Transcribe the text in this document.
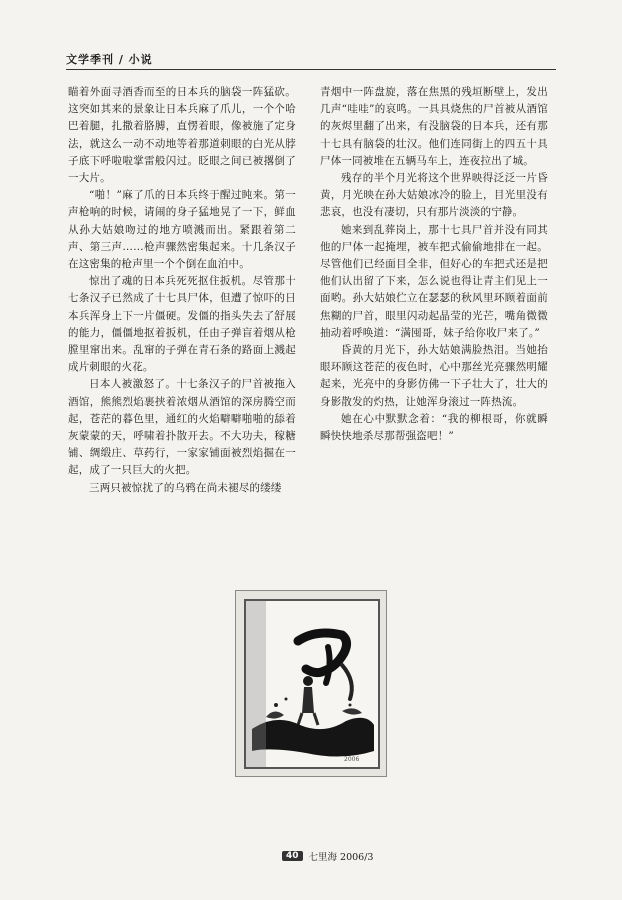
文学季刊 / 小说

瞄着外面寻酒香而至的日本兵的脑袋一阵猛砍。这突如其来的景象让日本兵麻了爪儿，一个个哈巴着腿，扎撒着胳膊，直愣着眼，像被施了定身法，就这么一动不动地等着那道刺眼的白光从脖子底下呼啦啦掌雷般闪过。眨眼之间已被撂倒了一大片。

“啪！”麻了爪的日本兵终于醒过盹来。第一声枪响的时候，请闹的身子猛地晃了一下，鲜血从孙大姑娘吻过的地方喷溅而出。紧跟着第二声、第三声……枪声骤然密集起来。十几条汉子在这密集的枪声里一个个倒在血泊中。

惊出了魂的日本兵死死抠住扳机。尽管那十七条汉子已然成了十七具尸体，但遭了惊吓的日本兵浑身上下一片僵硬。发僵的指头失去了舒展的能力，僵僵地抠着扳机，任由子弹盲着烟从枪膛里窜出来。乱窜的子弹在青石条的路面上溅起成片刺眼的火花。

日本人被激怒了。十七条汉子的尸首被拖入酒馆，熊熊烈焰裹挟着浓烟从酒馆的深房腾空而起，苍茫的暮色里，通红的火焰噼噼啪啪的舔着灰蒙蒙的天，呼啸着扑散开去。不大功夫，稼糖铺、绸缎庄、草药行，一家家铺面被烈焰掘在一起，成了一只巨大的火把。

三两只被惊扰了的乌鸦在尚未褪尽的缕缕

青烟中一阵盘旋，落在焦黑的残垣断壁上，发出几声“哇哇”的哀鸣。一具具烧焦的尸首被从酒馆的灰烬里翻了出来，有没脑袋的日本兵，还有那十七具有脑袋的壮汉。他们连同街上的四五十具尸体一同被堆在五辆马车上，连夜拉出了城。

残存的半个月光将这个世界映得泛泛一片昏黄，月光映在孙大姑娘冰冷的脸上，目光里没有悲哀，也没有凄切，只有那片淡淡的宁静。

她来到乱葬岗上，那十七具尸首并没有同其他的尸体一起掩埋，被车把式偷偷地排在一起。尽管他们已经面目全非，但好心的车把式还是把他们认出留了下来，怎么说也得让青主们见上一面哟。孙大姑娘伫立在瑟瑟的秋风里环顾着面前焦糊的尸首，眼里闪动起晶莹的光芒，嘴角微微抽动着呼唤道：“满囤哥，妹子给你收尸来了。”

昏黄的月光下，孙大姑娘满脸热泪。当她抬眼环顾这苍茫的夜色时，心中那丝光亮骤然明耀起来，光亮中的身影仿佛一下子壮大了，壮大的身影散发的灼热，让她浑身滚过一阵热流。

她在心中默默念着：“我的柳根哥，你就瞬瞬快快地杀尽那帮强盗吧！”

2006
40	七里海 2006/3
